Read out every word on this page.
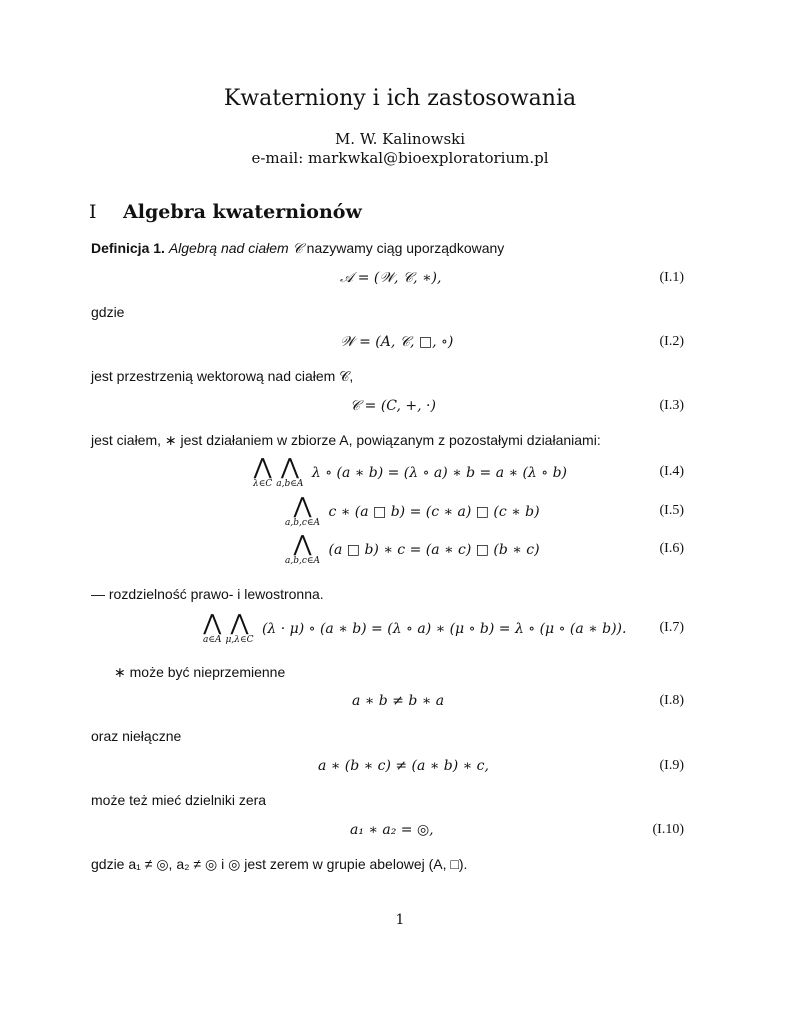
Kwaterniony i ich zastosowania
M. W. Kalinowski
e-mail: markwkal@bioexploratorium.pl
I Algebra kwaternionów
Definicja 1. Algebrą nad ciałem 𝒞 nazywamy ciąg uporządkowany
𝒜 = (𝒲, 𝒞, ∗),	(I.1)
gdzie
𝒲 = (A, 𝒞, □, ∘)	(I.2)
jest przestrzenią wektorową nad ciałem 𝒞,
𝒞 = (C, +, ·)	(I.3)
jest ciałem, ∗ jest działaniem w zbiorze A, powiązanym z pozostałymi działaniami:
⋀
λ∈C
⋀
a,b∈A
λ ∘ (a ∗ b) = (λ ∘ a) ∗ b = a ∗ (λ ∘ b)	(I.4)
⋀
a,b,c∈A
c ∗ (a □ b) = (c ∗ a) □ (c ∗ b)	(I.5)
⋀
a,b,c∈A
(a □ b) ∗ c = (a ∗ c) □ (b ∗ c)	(I.6)
— rozdzielność prawo- i lewostronna.
⋀
a∈A
⋀
μ,λ∈C
(λ · μ) ∘ (a ∗ b) = (λ ∘ a) ∗ (μ ∘ b) = λ ∘ (μ ∘ (a ∗ b)). (I.7)
∗ może być nieprzemienne
a ∗ b ≠ b ∗ a	(I.8)
oraz niełączne
a ∗ (b ∗ c) ≠ (a ∗ b) ∗ c,	(I.9)
może też mieć dzielniki zera
a₁ ∗ a₂ = ◎,	(I.10)
gdzie a₁ ≠ ◎, a₂ ≠ ◎ i ◎ jest zerem w grupie abelowej (A, □).
1
